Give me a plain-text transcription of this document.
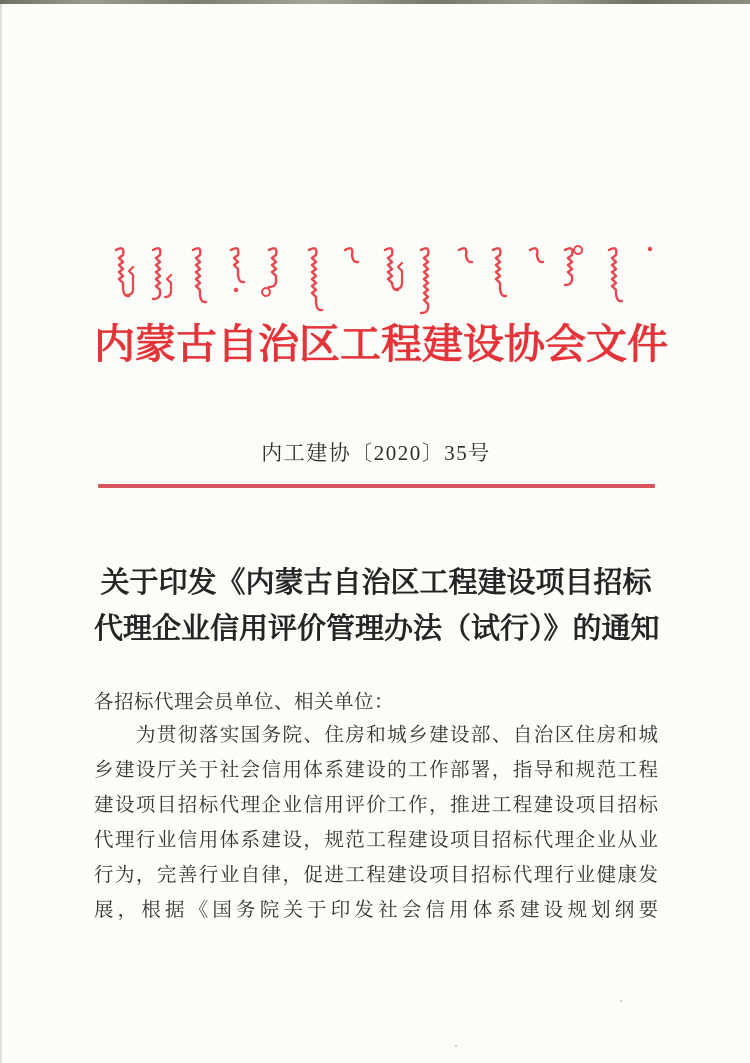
内蒙古自治区工程建设协会文件
内工建协〔2020〕35号
关于印发《内蒙古自治区工程建设项目招标
代理企业信用评价管理办法（试行）》的通知
各招标代理会员单位、相关单位：
为贯彻落实国务院、住房和城乡建设部、自治区住房和城
乡建设厅关于社会信用体系建设的工作部署，指导和规范工程
建设项目招标代理企业信用评价工作，推进工程建设项目招标
代理行业信用体系建设，规范工程建设项目招标代理企业从业
行为，完善行业自律，促进工程建设项目招标代理行业健康发
展，根据《国务院关于印发社会信用体系建设规划纲要
